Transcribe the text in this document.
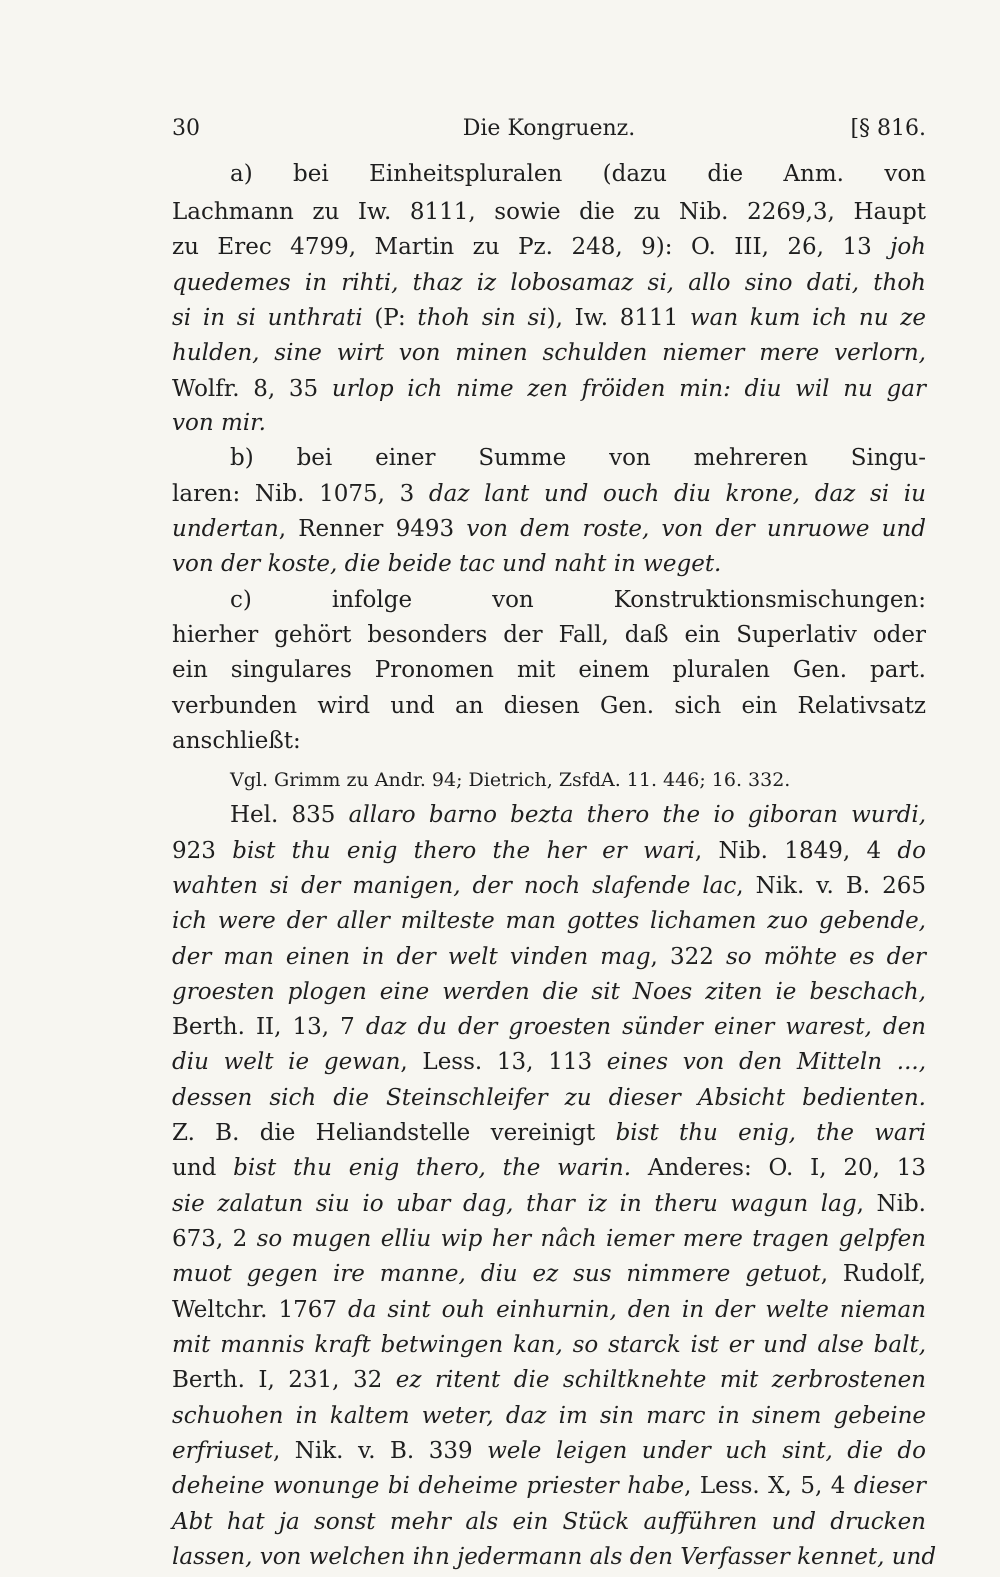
30	Die Kongruenz.	[§ 816.
a) bei Einheitspluralen (dazu die Anm. von
Lachmann zu Iw. 8111, sowie die zu Nib. 2269,3, Haupt
zu Erec 4799, Martin zu Pz. 248, 9): O. III, 26, 13 joh
quedemes in rihti, thaz iz lobosamaz si, allo sino dati, thoh
si in si unthrati (P: thoh sin si), Iw. 8111 wan kum ich nu ze
hulden, sine wirt von minen schulden niemer mere verlorn,
Wolfr. 8, 35 urlop ich nime zen fröiden min: diu wil nu gar
von mir.
b) bei einer Summe von mehreren Singu-
laren: Nib. 1075, 3 daz lant und ouch diu krone, daz si iu
undertan, Renner 9493 von dem roste, von der unruowe und
von der koste, die beide tac und naht in weget.
c) infolge von Konstruktionsmischungen:
hierher gehört besonders der Fall, daß ein Superlativ oder
ein singulares Pronomen mit einem pluralen Gen. part.
verbunden wird und an diesen Gen. sich ein Relativsatz
anschließt:
Vgl. Grimm zu Andr. 94; Dietrich, ZsfdA. 11. 446; 16. 332.
Hel. 835 allaro barno bezta thero the io giboran wurdi,
923 bist thu enig thero the her er wari, Nib. 1849, 4 do
wahten si der manigen, der noch slafende lac, Nik. v. B. 265
ich were der aller milteste man gottes lichamen zuo gebende,
der man einen in der welt vinden mag, 322 so möhte es der
groesten plogen eine werden die sit Noes ziten ie beschach,
Berth. II, 13, 7 daz du der groesten sünder einer warest, den
diu welt ie gewan, Less. 13, 113 eines von den Mitteln ...,
dessen sich die Steinschleifer zu dieser Absicht bedienten.
Z. B. die Heliandstelle vereinigt bist thu enig, the wari
und bist thu enig thero, the warin. Anderes: O. I, 20, 13
sie zalatun siu io ubar dag, thar iz in theru wagun lag, Nib.
673, 2 so mugen elliu wip her nâch iemer mere tragen gelpfen
muot gegen ire manne, diu ez sus nimmere getuot, Rudolf,
Weltchr. 1767 da sint ouh einhurnin, den in der welte nieman
mit mannis kraft betwingen kan, so starck ist er und alse balt,
Berth. I, 231, 32 ez ritent die schiltknehte mit zerbrostenen
schuohen in kaltem weter, daz im sin marc in sinem gebeine
erfriuset, Nik. v. B. 339 wele leigen under uch sint, die do
deheine wonunge bi deheime priester habe, Less. X, 5, 4 dieser
Abt hat ja sonst mehr als ein Stück aufführen und drucken
lassen, von welchen ihn jedermann als den Verfasser kennet, und
